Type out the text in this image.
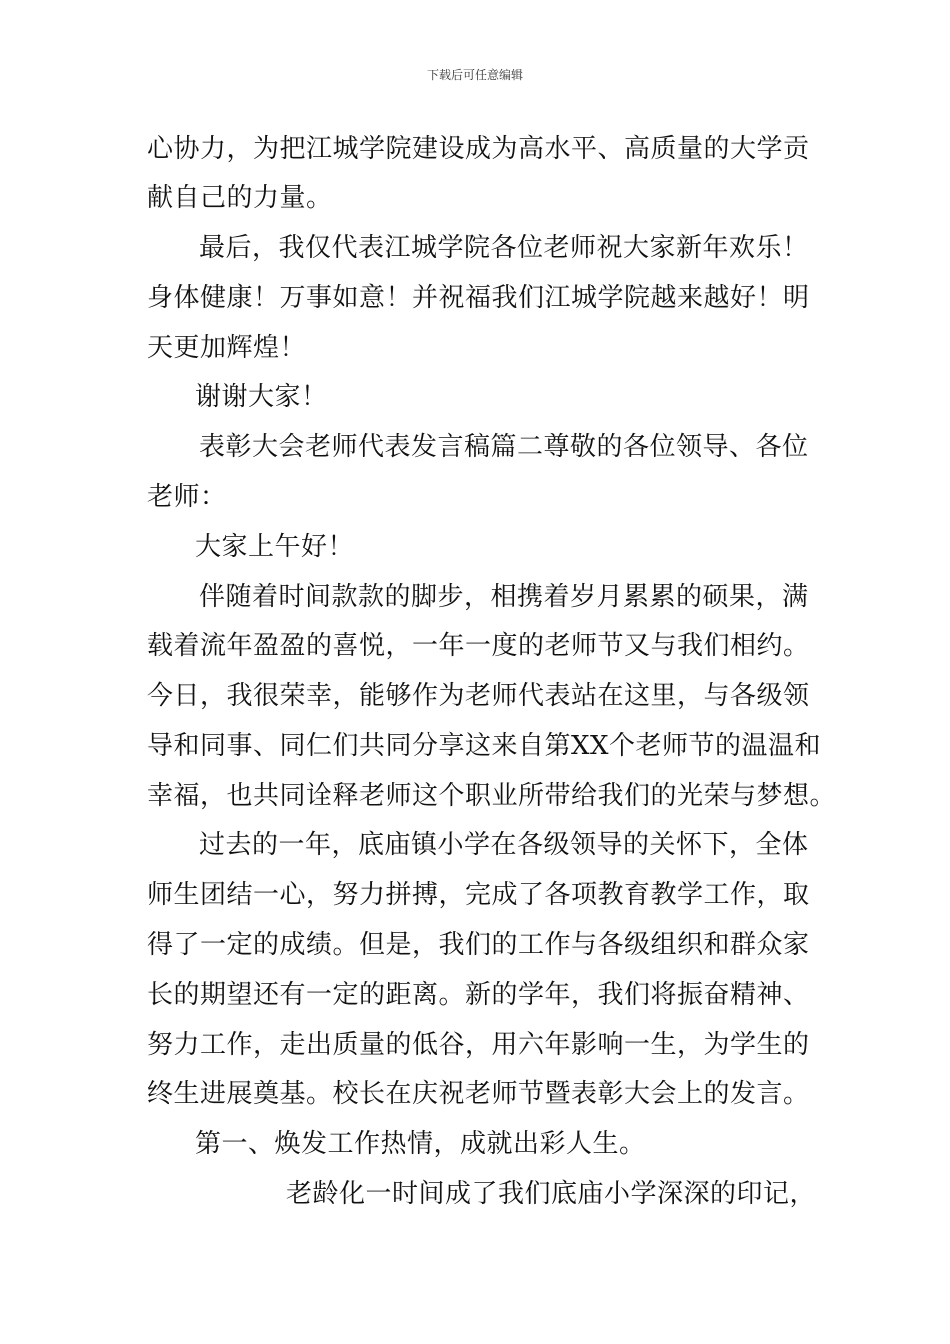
下载后可任意编辑
心协力，为把江城学院建设成为高水平、高质量的大学贡
献自己的力量。
最后，我仅代表江城学院各位老师祝大家新年欢乐！
身体健康！万事如意！并祝福我们江城学院越来越好！明
天更加辉煌！
谢谢大家！
表彰大会老师代表发言稿篇二尊敬的各位领导、各位
老师：
大家上午好！
伴随着时间款款的脚步，相携着岁月累累的硕果，满
载着流年盈盈的喜悦，一年一度的老师节又与我们相约。
今日，我很荣幸，能够作为老师代表站在这里，与各级领
导和同事、同仁们共同分享这来自第XX个老师节的温温和
幸福，也共同诠释老师这个职业所带给我们的光荣与梦想。
过去的一年，底庙镇小学在各级领导的关怀下，全体
师生团结一心，努力拼搏，完成了各项教育教学工作，取
得了一定的成绩。但是，我们的工作与各级组织和群众家
长的期望还有一定的距离。新的学年，我们将振奋精神、
努力工作，走出质量的低谷，用六年影响一生，为学生的
终生进展奠基。校长在庆祝老师节暨表彰大会上的发言。
第一、焕发工作热情，成就出彩人生。
老龄化一时间成了我们底庙小学深深的印记，
